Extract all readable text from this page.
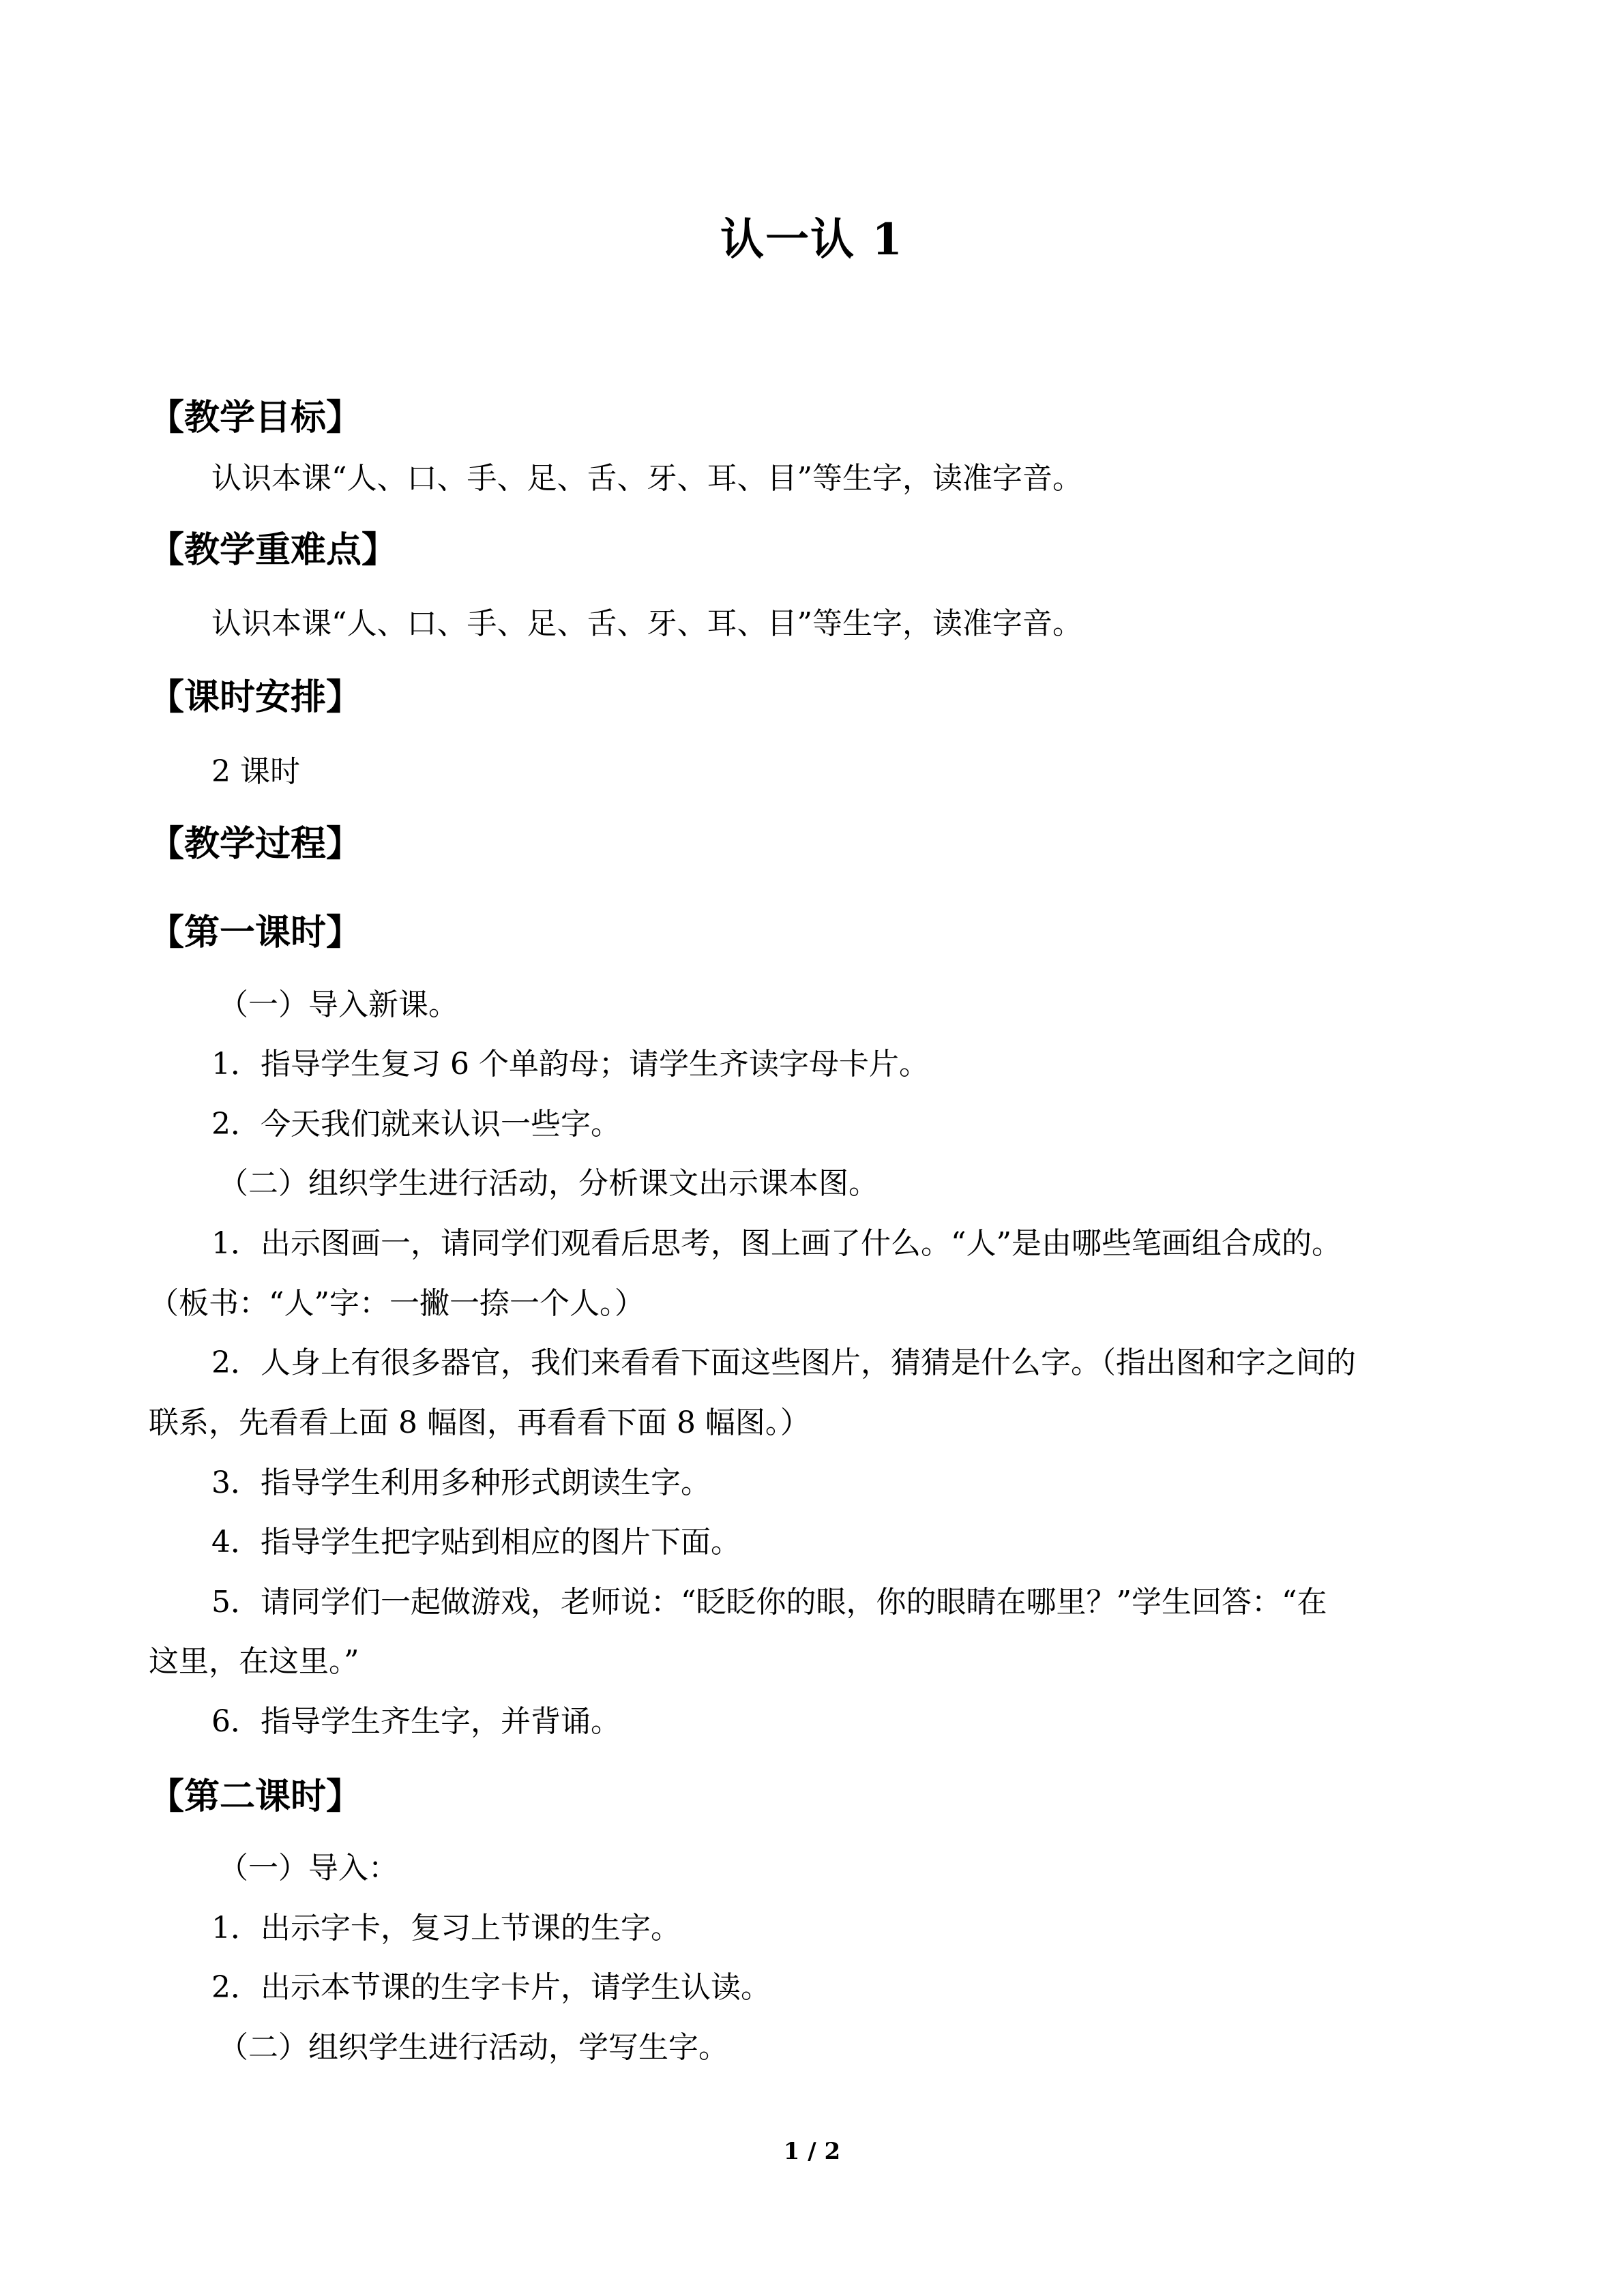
认一认 1
【教学目标】
认识本课“人、口、手、足、舌、牙、耳、目”等生字，读准字音。
【教学重难点】
认识本课“人、口、手、足、舌、牙、耳、目”等生字，读准字音。
【课时安排】
2 课时
【教学过程】
【第一课时】
（一）导入新课。
1．指导学生复习 6 个单韵母；请学生齐读字母卡片。
2．今天我们就来认识一些字。
（二）组织学生进行活动，分析课文出示课本图。
1．出示图画一，请同学们观看后思考，图上画了什么。“人”是由哪些笔画组合成的。
（板书：“人”字：一撇一捺一个人。）
2．人身上有很多器官，我们来看看下面这些图片，猜猜是什么字。（指出图和字之间的
联系，先看看上面 8 幅图，再看看下面 8 幅图。）
3．指导学生利用多种形式朗读生字。
4．指导学生把字贴到相应的图片下面。
5．请同学们一起做游戏，老师说：“眨眨你的眼，你的眼睛在哪里？”学生回答：“在
这里，在这里。”
6．指导学生齐生字，并背诵。
【第二课时】
（一）导入：
1．出示字卡，复习上节课的生字。
2．出示本节课的生字卡片，请学生认读。
（二）组织学生进行活动，学写生字。
1 / 2
